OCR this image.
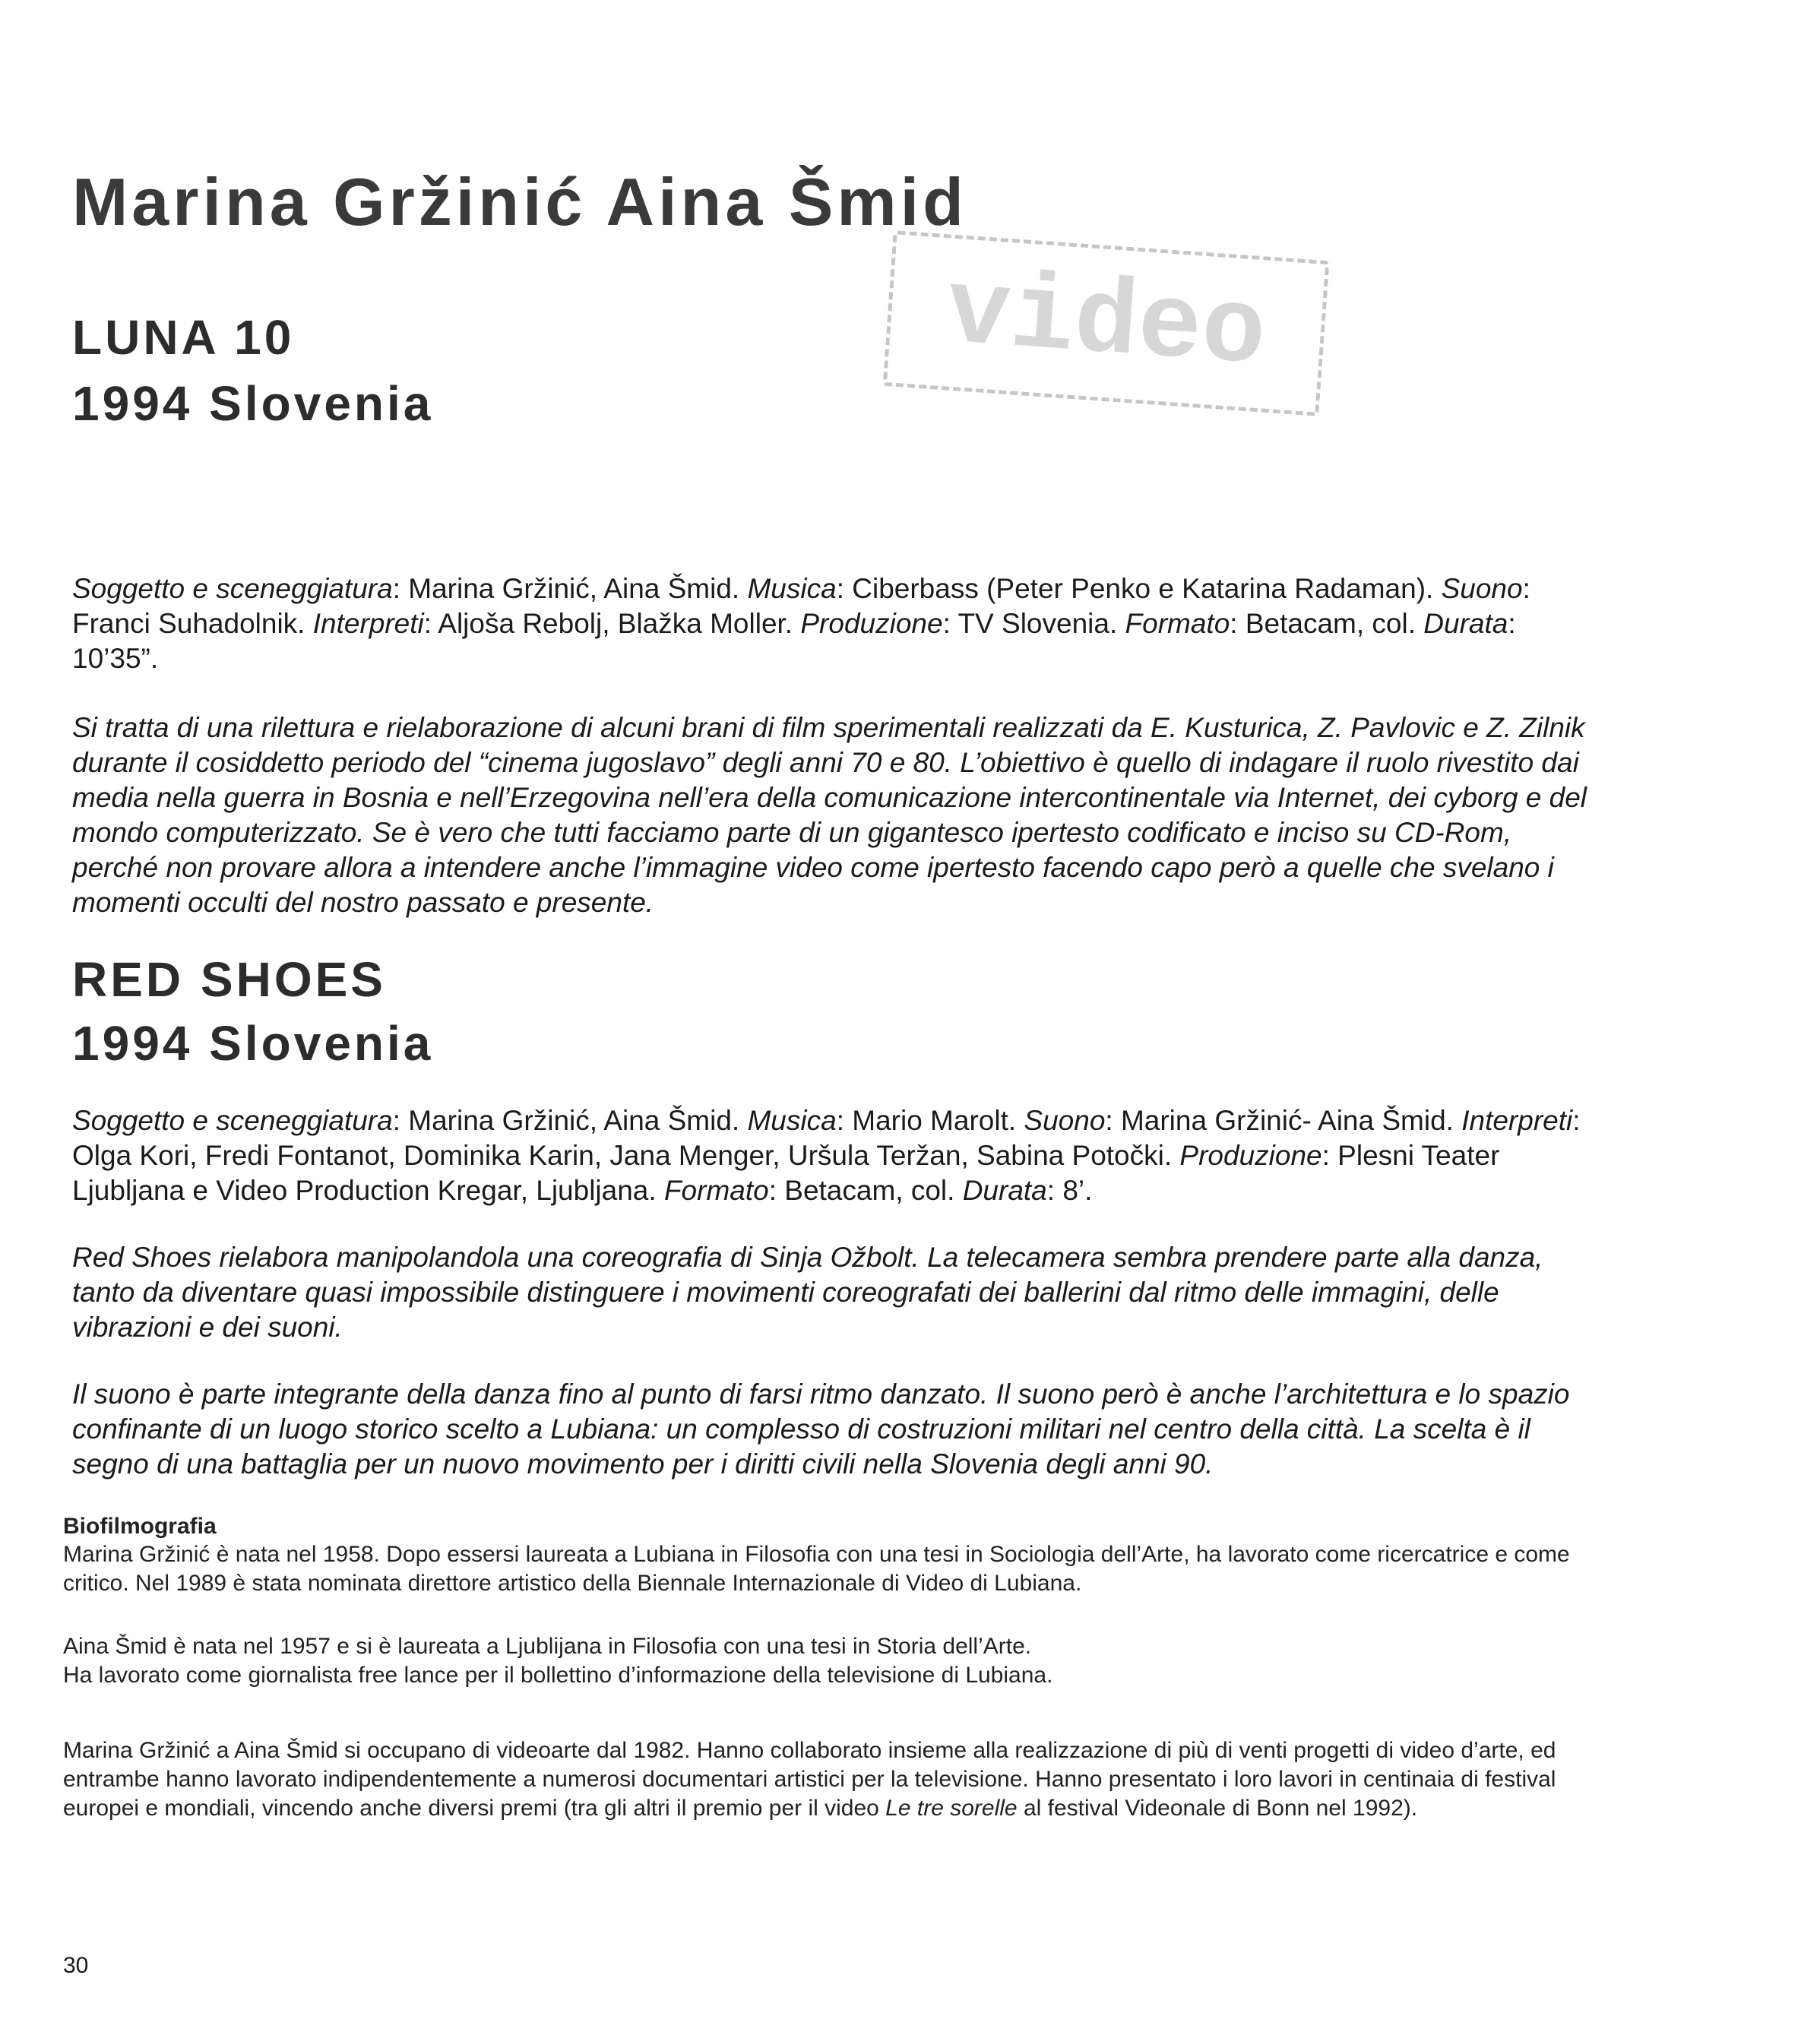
Marina Gržinić Aina Šmid
video
LUNA 10
1994 Slovenia

Soggetto e sceneggiatura: Marina Gržinić, Aina Šmid. Musica: Ciberbass (Peter Penko e Katarina Radaman). Suono: Franci Suhadolnik. Interpreti: Aljoša Rebolj, Blažka Moller. Produzione: TV Slovenia. Formato: Betacam, col. Durata: 10’35”.

Si tratta di una rilettura e rielaborazione di alcuni brani di film sperimentali realizzati da E. Kusturica, Z. Pavlovic e Z. Zilnik durante il cosiddetto periodo del “cinema jugoslavo” degli anni 70 e 80. L’obiettivo è quello di indagare il ruolo rivestito dai media nella guerra in Bosnia e nell’Erzegovina nell’era della comunicazione intercontinentale via Internet, dei cyborg e del mondo computerizzato. Se è vero che tutti facciamo parte di un gigantesco ipertesto codificato e inciso su CD-Rom, perché non provare allora a intendere anche l’immagine video come ipertesto facendo capo però a quelle che svelano i momenti occulti del nostro passato e presente.

RED SHOES
1994 Slovenia

Soggetto e sceneggiatura: Marina Gržinić, Aina Šmid. Musica: Mario Marolt. Suono: Marina Gržinić- Aina Šmid. Interpreti: Olga Kori, Fredi Fontanot, Dominika Karin, Jana Menger, Uršula Teržan, Sabina Potočki. Produzione: Plesni Teater Ljubljana e Video Production Kregar, Ljubljana. Formato: Betacam, col. Durata: 8’.

Red Shoes rielabora manipolandola una coreografia di Sinja Ožbolt. La telecamera sembra prendere parte alla danza, tanto da diventare quasi impossibile distinguere i movimenti coreografati dei ballerini dal ritmo delle immagini, delle vibrazioni e dei suoni.

Il suono è parte integrante della danza fino al punto di farsi ritmo danzato. Il suono però è anche l’architettura e lo spazio confinante di un luogo storico scelto a Lubiana: un complesso di costruzioni militari nel centro della città. La scelta è il segno di una battaglia per un nuovo movimento per i diritti civili nella Slovenia degli anni 90.

Biofilmografia

Marina Gržinić è nata nel 1958. Dopo essersi laureata a Lubiana in Filosofia con una tesi in Sociologia dell’Arte, ha lavorato come ricercatrice e come critico. Nel 1989 è stata nominata direttore artistico della Biennale Internazionale di Video di Lubiana.

Aina Šmid è nata nel 1957 e si è laureata a Ljublijana in Filosofia con una tesi in Storia dell’Arte.
Ha lavorato come giornalista free lance per il bollettino d’informazione della televisione di Lubiana.

Marina Gržinić a Aina Šmid si occupano di videoarte dal 1982. Hanno collaborato insieme alla realizzazione di più di venti progetti di video d’arte, ed entrambe hanno lavorato indipendentemente a numerosi documentari artistici per la televisione. Hanno presentato i loro lavori in centinaia di festival europei e mondiali, vincendo anche diversi premi (tra gli altri il premio per il video Le tre sorelle al festival Videonale di Bonn nel 1992).

30
